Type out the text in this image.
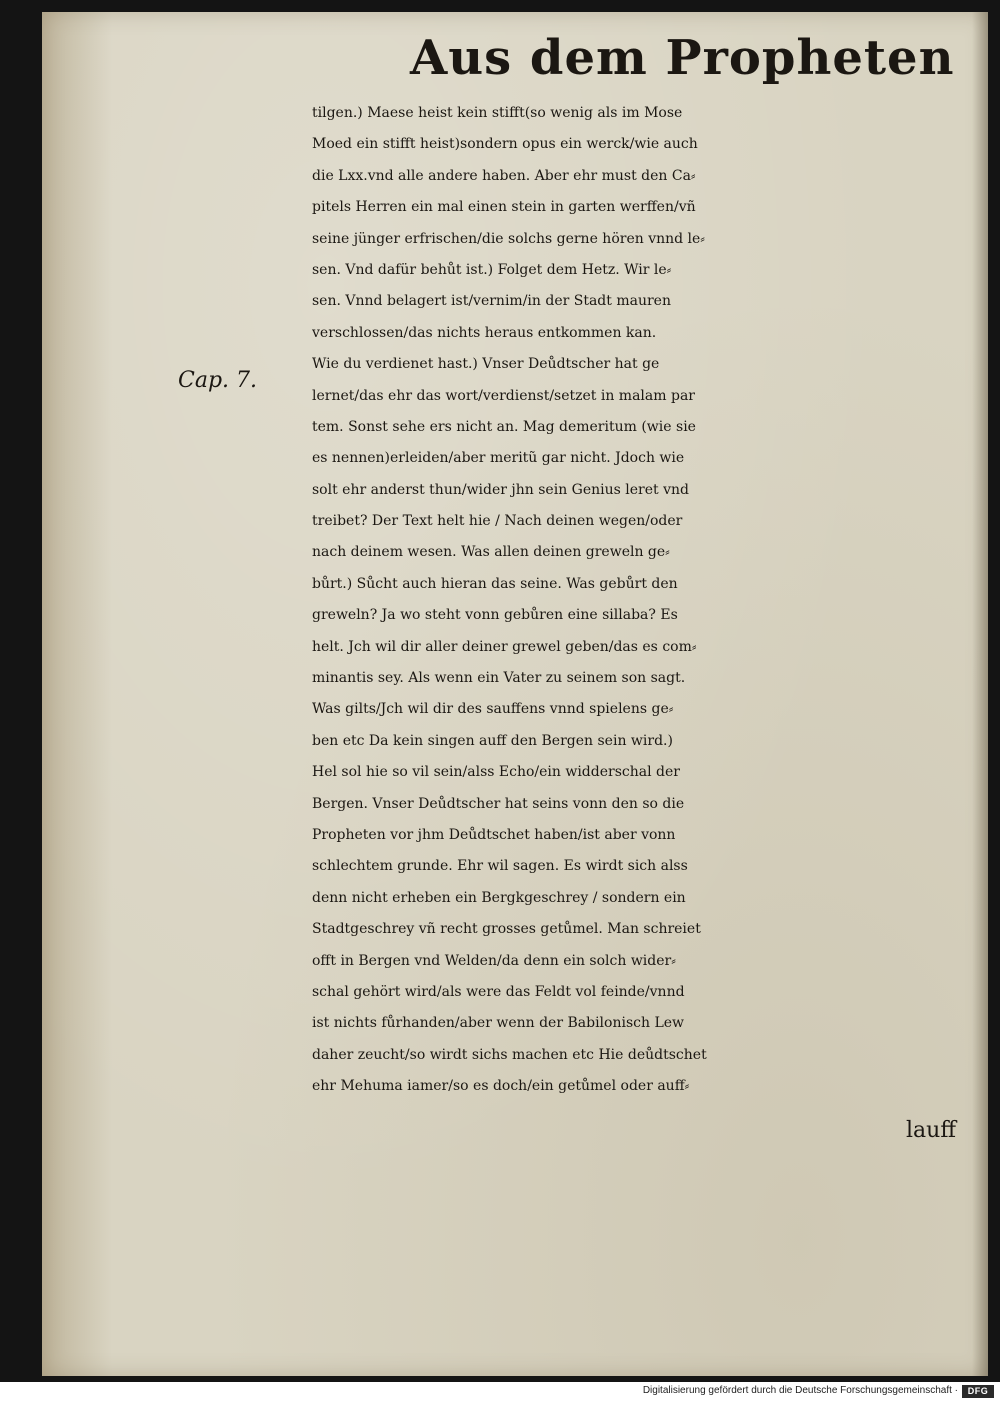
Aus dem Propheten
Cap. 7.
tilgen.) Maese heist kein stifft(so wenig als im Mose
Moed ein stifft heist)sondern opus ein werck/wie auch
die Lxx.vnd alle andere haben. Aber ehr must den Ca⸗
pitels Herren ein mal einen stein in garten werffen/vñ
seine jünger erfrischen/die solchs gerne hören vnnd le⸗
sen. Vnd dafür behůt ist.) Folget dem Hetz. Wir le⸗
sen. Vnnd belagert ist/vernim/in der Stadt mauren
verschlossen/das nichts heraus entkommen kan.
Wie du verdienet hast.) Vnser Deůdtscher hat ge
lernet/das ehr das wort/verdienst/setzet in malam par
tem. Sonst sehe ers nicht an. Mag demeritum (wie sie
es nennen)erleiden/aber meritũ gar nicht. Jdoch wie
solt ehr anderst thun/wider jhn sein Genius leret vnd
treibet? Der Text helt hie / Nach deinen wegen/oder
nach deinem wesen. Was allen deinen greweln ge⸗
bůrt.) Sůcht auch hieran das seine. Was gebůrt den
greweln? Ja wo steht vonn gebůren eine sillaba? Es
helt. Jch wil dir aller deiner grewel geben/das es com⸗
minantis sey. Als wenn ein Vater zu seinem son sagt.
Was gilts/Jch wil dir des sauffens vnnd spielens ge⸗
ben etc Da kein singen auff den Bergen sein wird.)
Hel sol hie so vil sein/alss Echo/ein widderschal der
Bergen. Vnser Deůdtscher hat seins vonn den so die
Propheten vor jhm Deůdtschet haben/ist aber vonn
schlechtem grunde. Ehr wil sagen. Es wirdt sich alss
denn nicht erheben ein Bergkgeschrey / sondern ein
Stadtgeschrey vñ recht grosses getůmel. Man schreiet
offt in Bergen vnd Welden/da denn ein solch wider⸗
schal gehört wird/als were das Feldt vol feinde/vnnd
ist nichts fůrhanden/aber wenn der Babilonisch Lew
daher zeucht/so wirdt sichs machen etc Hie deůdtschet
ehr Mehuma iamer/so es doch/ein getůmel oder auff⸗
lauff
Digitalisierung gefördert durch die Deutsche Forschungsgemeinschaft ·	DFG
